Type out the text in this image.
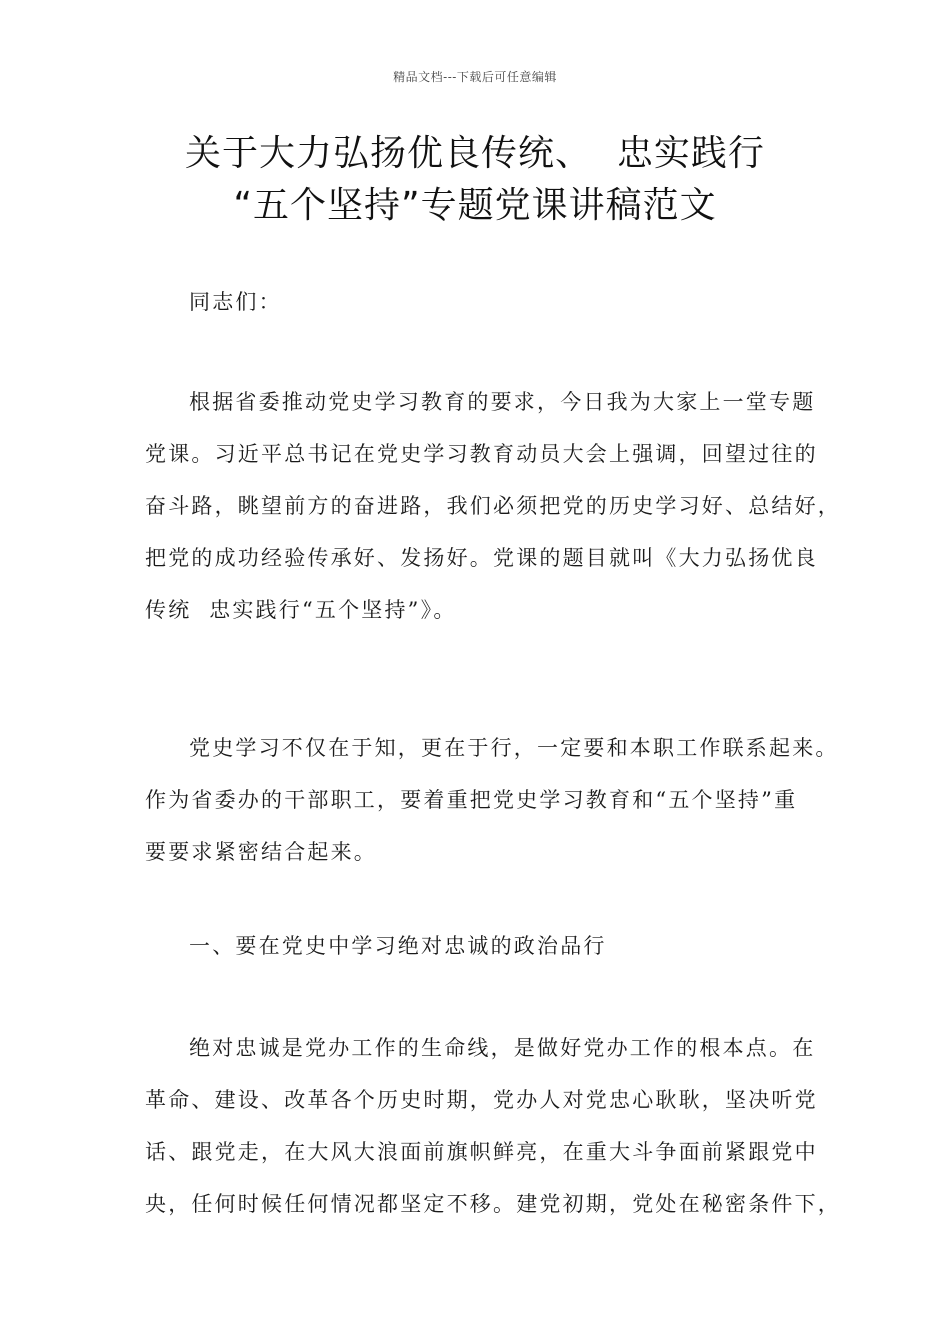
精品文档---下载后可任意编辑
关于大力弘扬优良传统、  忠实践行
“五个坚持”专题党课讲稿范文

同志们：

根据省委推动党史学习教育的要求，今日我为大家上一堂专题
党课。习近平总书记在党史学习教育动员大会上强调，回望过往的
奋斗路，眺望前方的奋进路，我们必须把党的历史学习好、总结好，
把党的成功经验传承好、发扬好。党课的题目就叫《大力弘扬优良
传统  忠实践行“五个坚持”》。
党史学习不仅在于知，更在于行，一定要和本职工作联系起来。
作为省委办的干部职工，要着重把党史学习教育和“五个坚持”重
要要求紧密结合起来。
一、要在党史中学习绝对忠诚的政治品行
绝对忠诚是党办工作的生命线，是做好党办工作的根本点。在
革命、建设、改革各个历史时期，党办人对党忠心耿耿，坚决听党
话、跟党走，在大风大浪面前旗帜鲜亮，在重大斗争面前紧跟党中
央，任何时候任何情况都坚定不移。建党初期，党处在秘密条件下，
